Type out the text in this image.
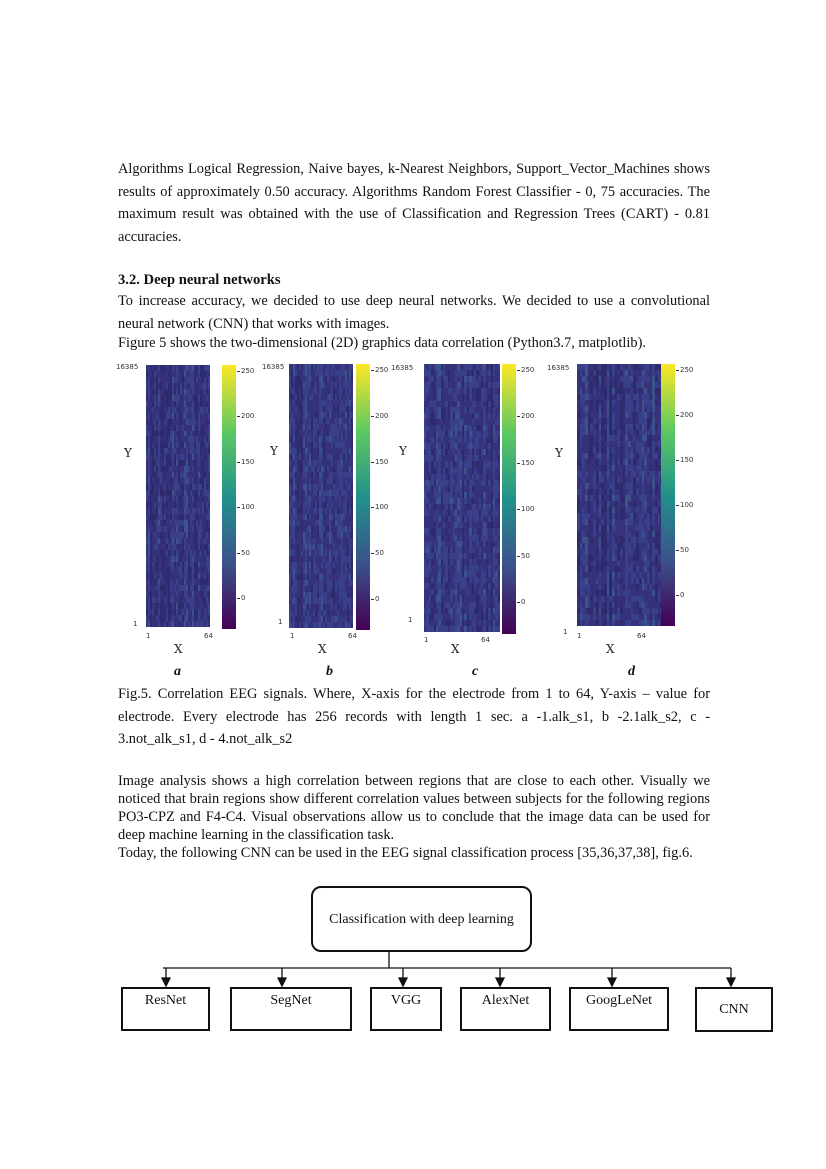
Algorithms Logical Regression, Naive bayes, k-Nearest Neighbors, Support_Vector_Machines shows results of approximately 0.50 accuracy. Algorithms Random Forest Classifier - 0, 75 accuracies. The maximum result was obtained with the use of Classification and Regression Trees (CART) - 0.81 accuracies.

3.2. Deep neural networks

To increase accuracy, we decided to use deep neural networks. We decided to use a convolutional neural network (CNN) that works with images.

Figure 5 shows the two-dimensional (2D) graphics data correlation (Python3.7, matplotlib).

250
200
150
100
50
0
16385
1
1	64
Y
X
a
250
200
150
100
50
0
16385
1
1	64
Y
X
b
250
200
150
100
50
0
16385
1
1	64
Y
X
c
250
200
150
100
50
0
16385
1 1	64
Y
X
d

Fig.5. Correlation EEG signals. Where, X-axis for the electrode from 1 to 64, Y-axis – value for electrode. Every electrode has 256 records with length 1 sec. a -1.alk_s1, b -2.1alk_s2, c - 3.not_alk_s1, d - 4.not_alk_s2

Image analysis shows a high correlation between regions that are close to each other. Visually we noticed that brain regions show different correlation values between subjects for the following regions PO3-CPZ and F4-C4. Visual observations allow us to conclude that the image data can be used for deep machine learning in the classification task.

Today, the following CNN can be used in the EEG signal classification process [35,36,37,38], fig.6.

Classification with deep learning
ResNet	SegNet	VGG	AlexNet	GoogLeNet
CNN
